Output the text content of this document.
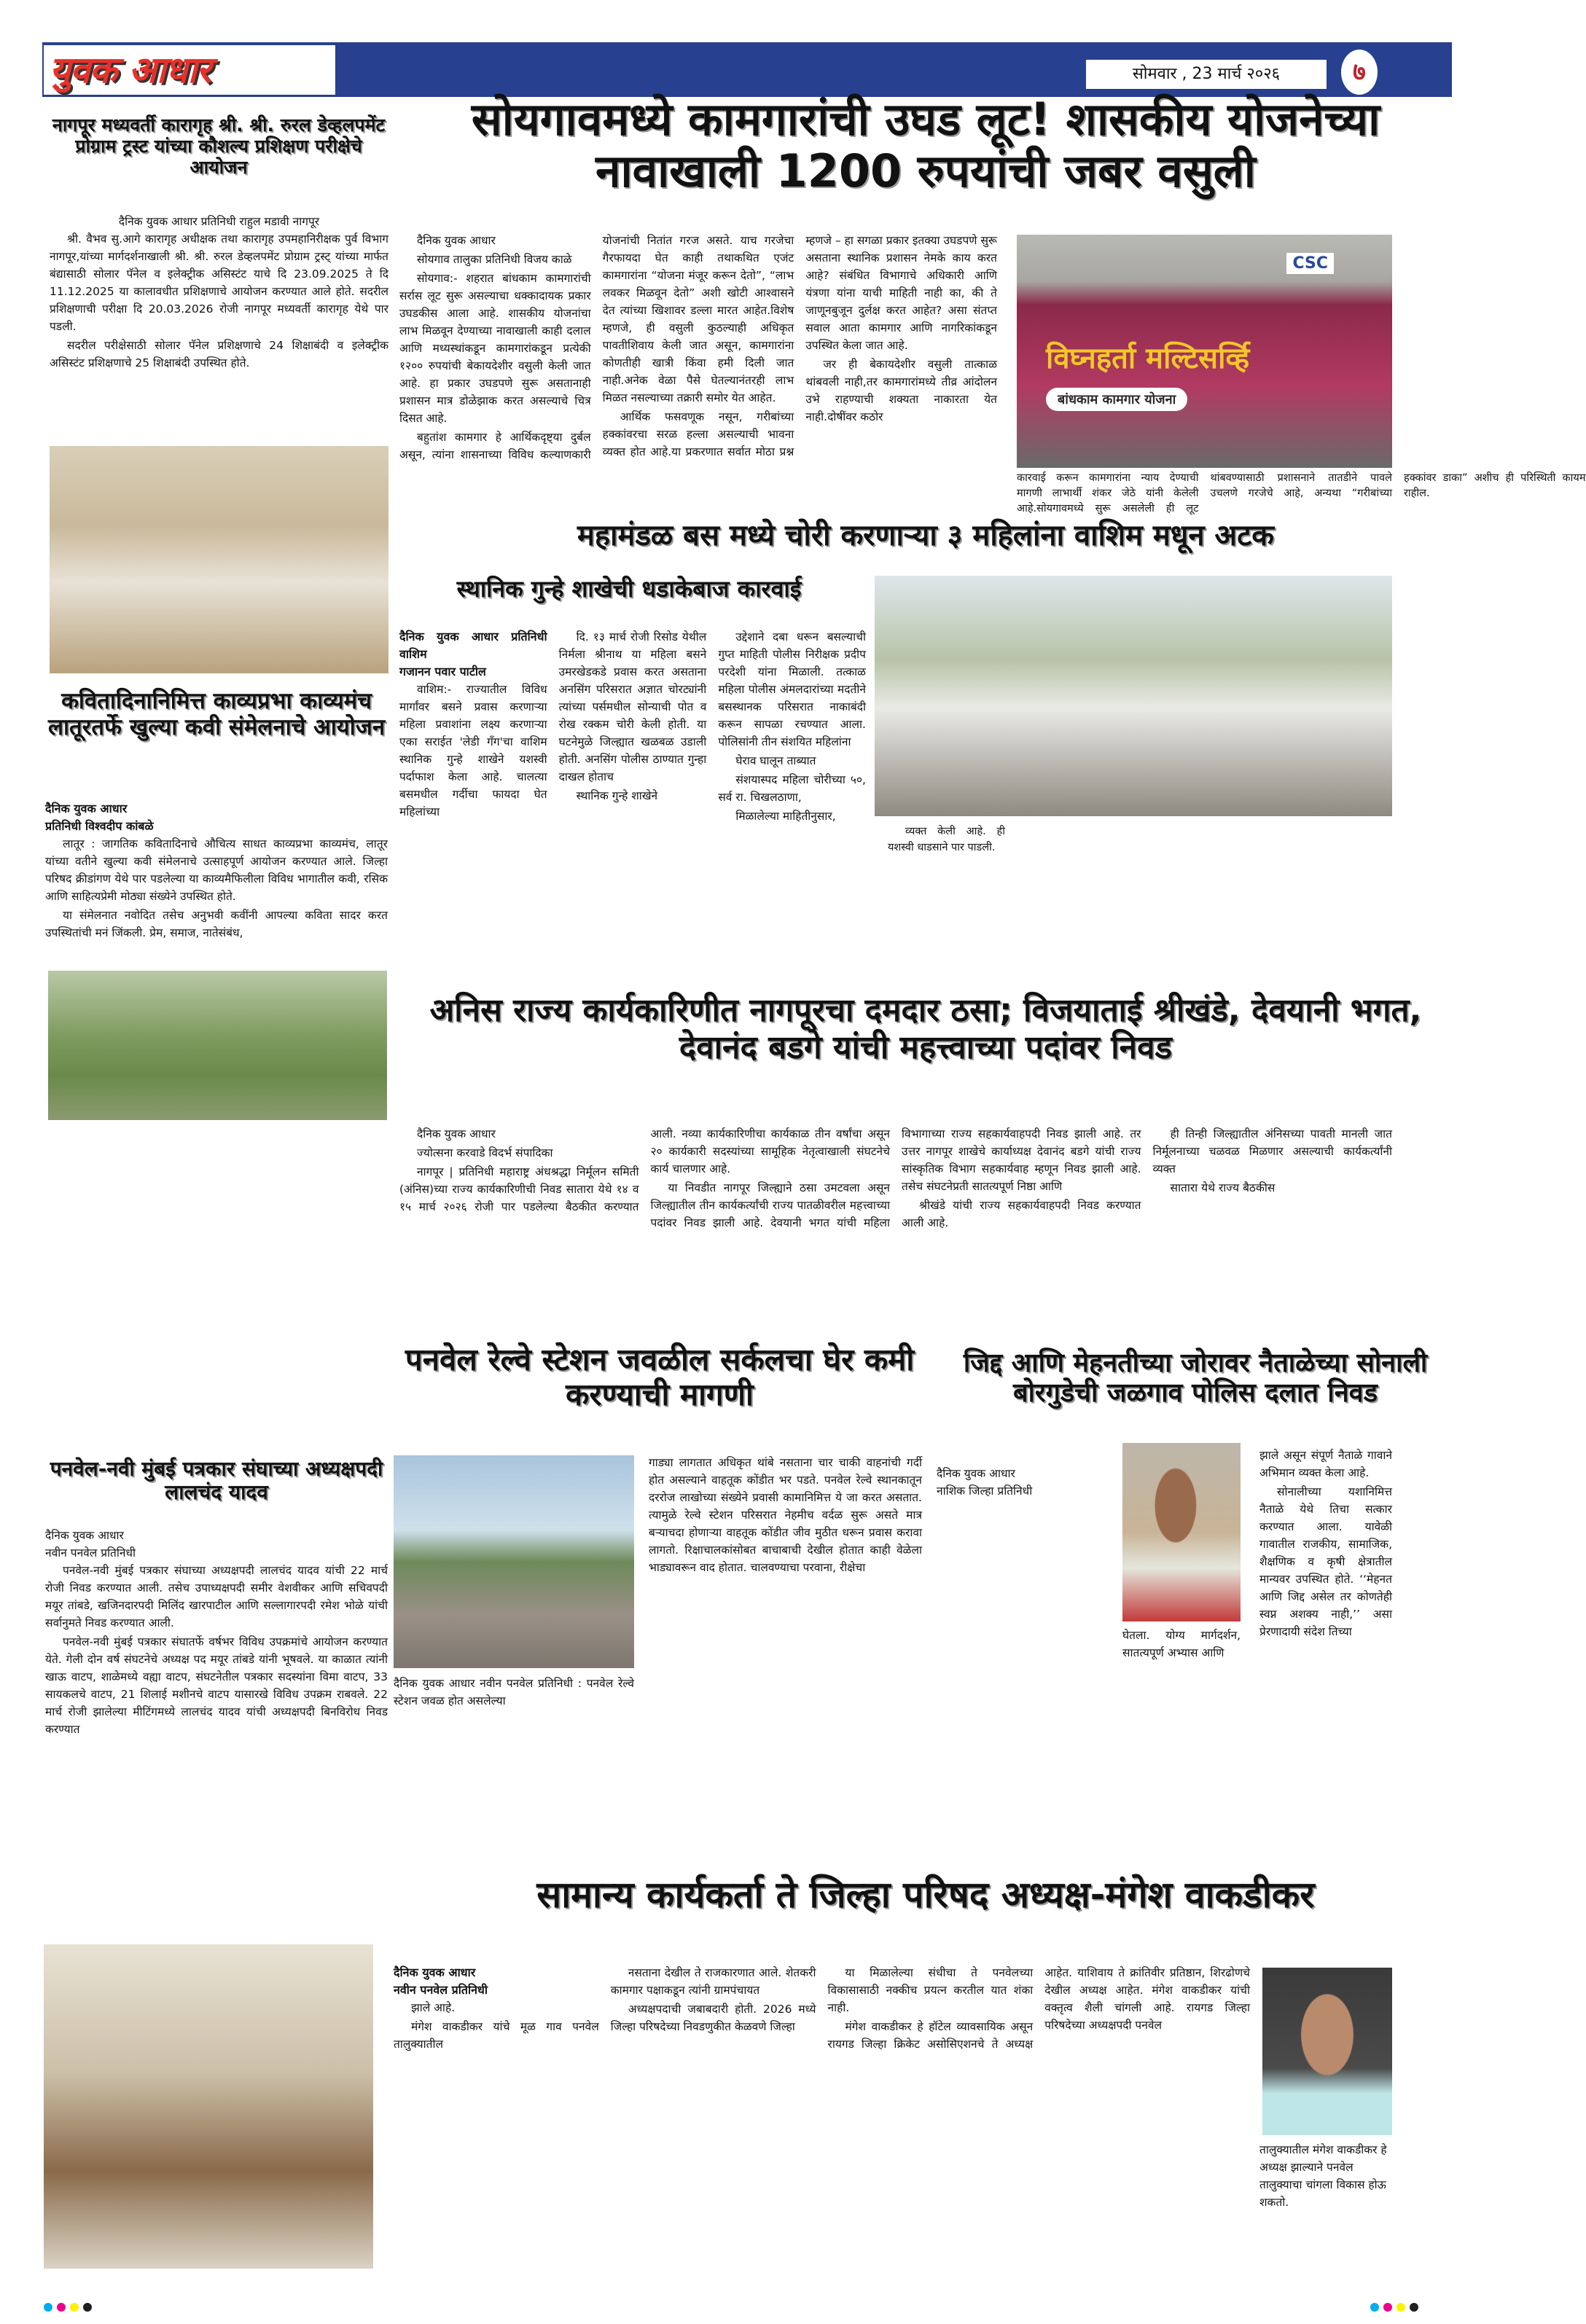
युवक आधार	सोमवार , 23 मार्च २०२६	७
नागपूर मध्यवर्ती कारागृह श्री. श्री. रुरल डेव्हलपमेंट प्रोग्राम ट्रस्ट यांच्या कौशल्य प्रशिक्षण परीक्षेचे आयोजन
दैनिक युवक आधार प्रतिनिधी राहुल मडावी नागपूर

श्री. वैभव सु.आगे कारागृह अधीक्षक तथा कारागृह उपमहानिरीक्षक पुर्व विभाग नागपूर,यांच्या मार्गदर्शनाखाली श्री. श्री. रुरल डेव्हलपमेंट प्रोग्राम ट्रस्ट् यांच्या मार्फत बंद्यासाठी सोलार पॅनेल व इलेक्ट्रीक असिस्टंट याचे दि 23.09.2025 ते दि 11.12.2025 या कालावधीत प्रशिक्षणाचे आयोजन करण्यात आले होते. सदरील प्रशिक्षणाची परीक्षा दि 20.03.2026 रोजी नागपूर मध्यवर्ती कारागृह येथे पार पडली.

सदरील परीक्षेसाठी सोलार पॅनेल प्रशिक्षणाचे 24 शिक्षाबंदी व इलेक्ट्रीक असिस्टंट प्रशिक्षणाचे 25 शिक्षाबंदी उपस्थित होते.

कवितादिनानिमित्त काव्यप्रभा काव्यमंच लातूरतर्फे खुल्या कवी संमेलनाचे आयोजन
दैनिक युवक आधार
प्रतिनिधी विश्वदीप कांबळे

लातूर : जागतिक कवितादिनाचे औचित्य साधत काव्यप्रभा काव्यमंच, लातूर यांच्या वतीने खुल्या कवी संमेलनाचे उत्साहपूर्ण आयोजन करण्यात आले. जिल्हा परिषद क्रीडांगण येथे पार पडलेल्या या काव्यमैफिलीला विविध भागातील कवी, रसिक आणि साहित्यप्रेमी मोठ्या संख्येने उपस्थित होते.

या संमेलनात नवोदित तसेच अनुभवी कवींनी आपल्या कविता सादर करत उपस्थितांची मनं जिंकली. प्रेम, समाज, नातेसंबंध,

पनवेल-नवी मुंबई पत्रकार संघाच्या अध्यक्षपदी लालचंद यादव
दैनिक युवक आधार
नवीन पनवेल प्रतिनिधी

पनवेल-नवी मुंबई पत्रकार संघाच्या अध्यक्षपदी लालचंद यादव यांची 22 मार्च रोजी निवड करण्यात आली. तसेच उपाध्यक्षपदी समीर वेशवीकर आणि सचिवपदी मयूर तांबडे, खजिनदारपदी मिलिंद खारपाटील आणि सल्लागारपदी रमेश भोळे यांची सर्वानुमते निवड करण्यात आली.

पनवेल-नवी मुंबई पत्रकार संघातर्फे वर्षभर विविध उपक्रमांचे आयोजन करण्यात येते. गेली दोन वर्ष संघटनेचे अध्यक्ष पद मयूर तांबडे यांनी भूषवले. या काळात त्यांनी खाऊ वाटप, शाळेमध्ये वह्या वाटप, संघटनेतील पत्रकार सदस्यांना विमा वाटप, 33 सायकलचे वाटप, 21 शिलाई मशीनचे वाटप यासारखे विविध उपक्रम राबवले. 22 मार्च रोजी झालेल्या मीटिंगमध्ये लालचंद यादव यांची अध्यक्षपदी बिनविरोध निवड करण्यात

सोयगावमध्ये कामगारांची उघड लूट! शासकीय योजनेच्या नावाखाली 1200 रुपयांची जबर वसुली

दैनिक युवक आधार

सोयगाव तालुका प्रतिनिधी विजय काळे

सोयगाव:- शहरात बांधकाम कामगारांची सर्रास लूट सुरू असल्याचा धक्कादायक प्रकार उघडकीस आला आहे. शासकीय योजनांचा लाभ मिळवून देण्याच्या नावाखाली काही दलाल आणि मध्यस्थांकडून कामगारांकडून प्रत्येकी १२०० रुपयांची बेकायदेशीर वसुली केली जात आहे. हा प्रकार उघडपणे सुरू असतानाही प्रशासन मात्र डोळेझाक करत असल्याचे चित्र दिसत आहे.

बहुतांश कामगार हे आर्थिकदृष्ट्या दुर्बल असून, त्यांना शासनाच्या विविध कल्याणकारी योजनांची नितांत गरज असते. याच गरजेचा गैरफायदा घेत काही तथाकथित एजंट कामगारांना “योजना मंजूर करून देतो”, “लाभ लवकर मिळवून देतो” अशी खोटी आश्वासने देत त्यांच्या खिशावर डल्ला मारत आहेत.विशेष म्हणजे, ही वसुली कुठल्याही अधिकृत पावतीशिवाय केली जात असून, कामगारांना कोणतीही खात्री किंवा हमी दिली जात नाही.अनेक वेळा पैसे घेतल्यानंतरही लाभ मिळत नसल्याच्या तक्रारी समोर येत आहेत.

आर्थिक फसवणूक नसून, गरीबांच्या हक्कांवरचा सरळ हल्ला असल्याची भावना व्यक्त होत आहे.या प्रकरणात सर्वात मोठा प्रश्न म्हणजे – हा सगळा प्रकार इतक्या उघडपणे सुरू असताना स्थानिक प्रशासन नेमके काय करत आहे? संबंधित विभागाचे अधिकारी आणि यंत्रणा यांना याची माहिती नाही का, की ते जाणूनबुजून दुर्लक्ष करत आहेत? असा संतप्त सवाल आता कामगार आणि नागरिकांकडून उपस्थित केला जात आहे.

जर ही बेकायदेशीर वसुली तात्काळ थांबवली नाही,तर कामगारांमध्ये तीव्र आंदोलन उभे राहण्याची शक्यता नाकारता येत नाही.दोषींवर कठोर

CSC
विघ्नहर्ता मल्टिसर्व्हि
बांधकाम कामगार योजना

कारवाई करून कामगारांना न्याय देण्याची मागणी लाभार्थी शंकर जेठे यांनी केलेली आहे.सोयगावमध्ये सुरू असलेली ही लूट थांबवण्यासाठी प्रशासनाने तातडीने पावले उचलणे गरजेचे आहे, अन्यथा “गरीबांच्या हक्कांवर डाका” अशीच ही परिस्थिती कायम राहील.

महामंडळ बस मध्ये चोरी करणाऱ्या ३ महिलांना वाशिम मधून अटक
स्थानिक गुन्हे शाखेची धडाकेबाज कारवाई
दैनिक युवक आधार प्रतिनिधी वाशिम
गजानन पवार पाटील

वाशिम:- राज्यातील विविध मार्गांवर बसने प्रवास करणाऱ्या महिला प्रवाशांना लक्ष्य करणाऱ्या एका सराईत 'लेडी गँग'चा वाशिम स्थानिक गुन्हे शाखेने यशस्वी पर्दाफाश केला आहे. चालत्या बसमधील गर्दीचा फायदा घेत महिलांच्या

दि. १३ मार्च रोजी रिसोड येथील निर्मला श्रीनाथ या महिला बसने उमरखेडकडे प्रवास करत असताना अनसिंग परिसरात अज्ञात चोरट्यांनी त्यांच्या पर्समधील सोन्याची पोत व रोख रक्कम चोरी केली होती. या घटनेमुळे जिल्ह्यात खळबळ उडाली होती. अनसिंग पोलीस ठाण्यात गुन्हा दाखल होताच

स्थानिक गुन्हे शाखेने

उद्देशाने दबा धरून बसल्याची गुप्त माहिती पोलीस निरीक्षक प्रदीप परदेशी यांना मिळाली. तत्काळ महिला पोलीस अंमलदारांच्या मदतीने बसस्थानक परिसरात नाकाबंदी करून सापळा रचण्यात आला. पोलिसांनी तीन संशयित महिलांना

घेराव घालून ताब्यात

संशयास्पद महिला चोरीच्या ५०, सर्व रा. चिखलठाणा,

मिळालेल्या माहितीनुसार,

व्यक्त केली आहे. ही यशस्वी धाडसाने पार पाडली.

अनिस राज्य कार्यकारिणीत नागपूरचा दमदार ठसा; विजयाताई श्रीखंडे, देवयानी भगत, देवानंद बडगे यांची महत्त्वाच्या पदांवर निवड

दैनिक युवक आधार

ज्योत्सना करवाडे विदर्भ संपादिका

नागपूर | प्रतिनिधी महाराष्ट्र अंधश्रद्धा निर्मूलन समिती (अंनिस)च्या राज्य कार्यकारिणीची निवड सातारा येथे १४ व १५ मार्च २०२६ रोजी पार पडलेल्या बैठकीत करण्यात आली. नव्या कार्यकारिणीचा कार्यकाळ तीन वर्षांचा असून २० कार्यकारी सदस्यांच्या सामूहिक नेतृत्वाखाली संघटनेचे कार्य चालणार आहे.

या निवडीत नागपूर जिल्ह्याने ठसा उमटवला असून जिल्ह्यातील तीन कार्यकर्त्यांची राज्य पातळीवरील महत्त्वाच्या पदांवर निवड झाली आहे. देवयानी भगत यांची महिला विभागाच्या राज्य सहकार्यवाहपदी निवड झाली आहे. तर उत्तर नागपूर शाखेचे कार्याध्यक्ष देवानंद बडगे यांची राज्य सांस्कृतिक विभाग सहकार्यवाह म्हणून निवड झाली आहे. तसेच संघटनेप्रती सातत्यपूर्ण निष्ठा आणि

श्रीखंडे यांची राज्य सहकार्यवाहपदी निवड करण्यात आली आहे.

ही तिन्ही जिल्ह्यातील अंनिसच्या पावती मानली जात निर्मूलनाच्या चळवळ मिळणार असल्याची कार्यकर्त्यांनी व्यक्त

सातारा येथे राज्य बैठकीस

पनवेल रेल्वे स्टेशन जवळील सर्कलचा घेर कमी करण्याची मागणी
दैनिक युवक आधार नवीन पनवेल प्रतिनिधी : पनवेल रेल्वे स्टेशन जवळ होत असलेल्या

गाड्या लागतात अधिकृत थांबे नसताना चार चाकी वाहनांची गर्दी होत असल्याने वाहतूक कोंडीत भर पडते. पनवेल रेल्वे स्थानकातून दररोज लाखोच्या संख्येने प्रवासी कामानिमित्त ये जा करत असतात. त्यामुळे रेल्वे स्टेशन परिसरात नेहमीच वर्दळ सुरू असते मात्र बऱ्याचदा होणाऱ्या वाहतूक कोंडीत जीव मुठीत धरून प्रवास करावा लागतो. रिक्षाचालकांसोबत बाचाबाची देखील होतात काही वेळेला भाड्यावरून वाद होतात. चालवण्याचा परवाना, रीक्षेचा

जिद्द आणि मेहनतीच्या जोरावर नैताळेच्या सोनाली बोरगुडेची जळगाव पोलिस दलात निवड
दैनिक युवक आधार
नाशिक जिल्हा प्रतिनिधी

घेतला. योग्य मार्गदर्शन, सातत्यपूर्ण अभ्यास आणि

झाले असून संपूर्ण नैताळे गावाने अभिमान व्यक्त केला आहे.

सोनालीच्या यशानिमित्त नैताळे येथे तिचा सत्कार करण्यात आला. यावेळी गावातील राजकीय, सामाजिक, शैक्षणिक व कृषी क्षेत्रातील मान्यवर उपस्थित होते. ‘‘मेहनत आणि जिद्द असेल तर कोणतेही स्वप्न अशक्य नाही,’’ असा प्रेरणादायी संदेश तिच्या

सामान्य कार्यकर्ता ते जिल्हा परिषद अध्यक्ष-मंगेश वाकडीकर
दैनिक युवक आधार
नवीन पनवेल प्रतिनिधी

झाले आहे.

मंगेश वाकडीकर यांचे मूळ गाव पनवेल तालुक्यातील

नसताना देखील ते राजकारणात आले. शेतकरी कामगार पक्षाकडून त्यांनी ग्रामपंचायत

अध्यक्षपदाची जबाबदारी होती. 2026 मध्ये जिल्हा परिषदेच्या निवडणुकीत केळवणे जिल्हा

या मिळालेल्या संधीचा ते पनवेलच्या विकासासाठी नक्कीच प्रयत्न करतील यात शंका नाही.

मंगेश वाकडीकर हे हॉटेल व्यावसायिक असून रायगड जिल्हा क्रिकेट असोसिएशनचे ते अध्यक्ष आहेत. याशिवाय ते क्रांतिवीर प्रतिष्ठान, शिरढोणचे देखील अध्यक्ष आहेत. मंगेश वाकडीकर यांची वक्तृत्व शैली चांगली आहे. रायगड जिल्हा परिषदेच्या अध्यक्षपदी पनवेल

तालुक्यातील मंगेश वाकडीकर हे अध्यक्ष झाल्याने पनवेल तालुक्याचा चांगला विकास होऊ शकतो.
